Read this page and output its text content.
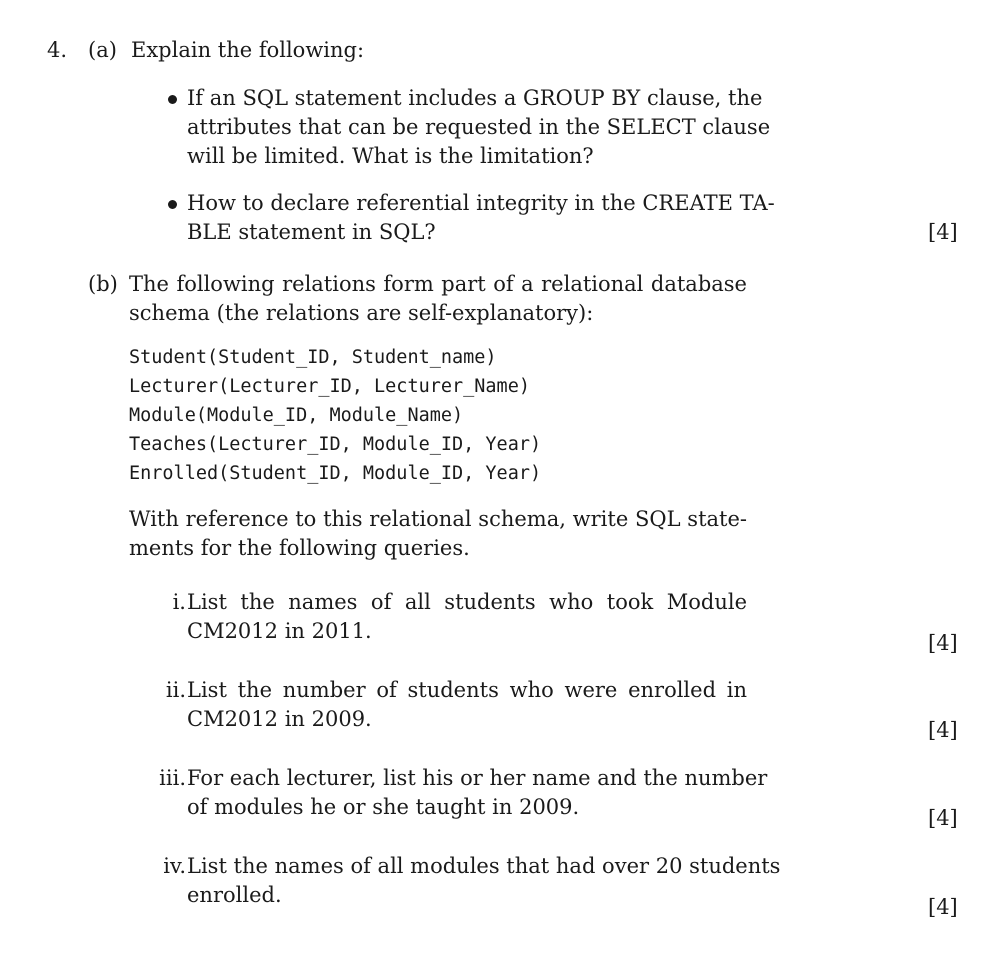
4. (a) Explain the following:
If an SQL statement includes a GROUP BY clause, the
attributes that can be requested in the SELECT clause
will be limited. What is the limitation?
How to declare referential integrity in the CREATE TA-
BLE statement in SQL?	[4]
(b) The following relations form part of a relational database
schema (the relations are self-explanatory):
Student(Student_ID, Student_name)
Lecturer(Lecturer_ID, Lecturer_Name)
Module(Module_ID, Module_Name)
Teaches(Lecturer_ID, Module_ID, Year)
Enrolled(Student_ID, Module_ID, Year)
With reference to this relational schema, write SQL state-
ments for the following queries.
i. List the names of all students who took Module
CM2012 in 2011.	[4]
ii. List the number of students who were enrolled in
CM2012 in 2009.	[4]
iii. For each lecturer, list his or her name and the number
of modules he or she taught in 2009.	[4]
iv. List the names of all modules that had over 20 students
enrolled.	[4]
